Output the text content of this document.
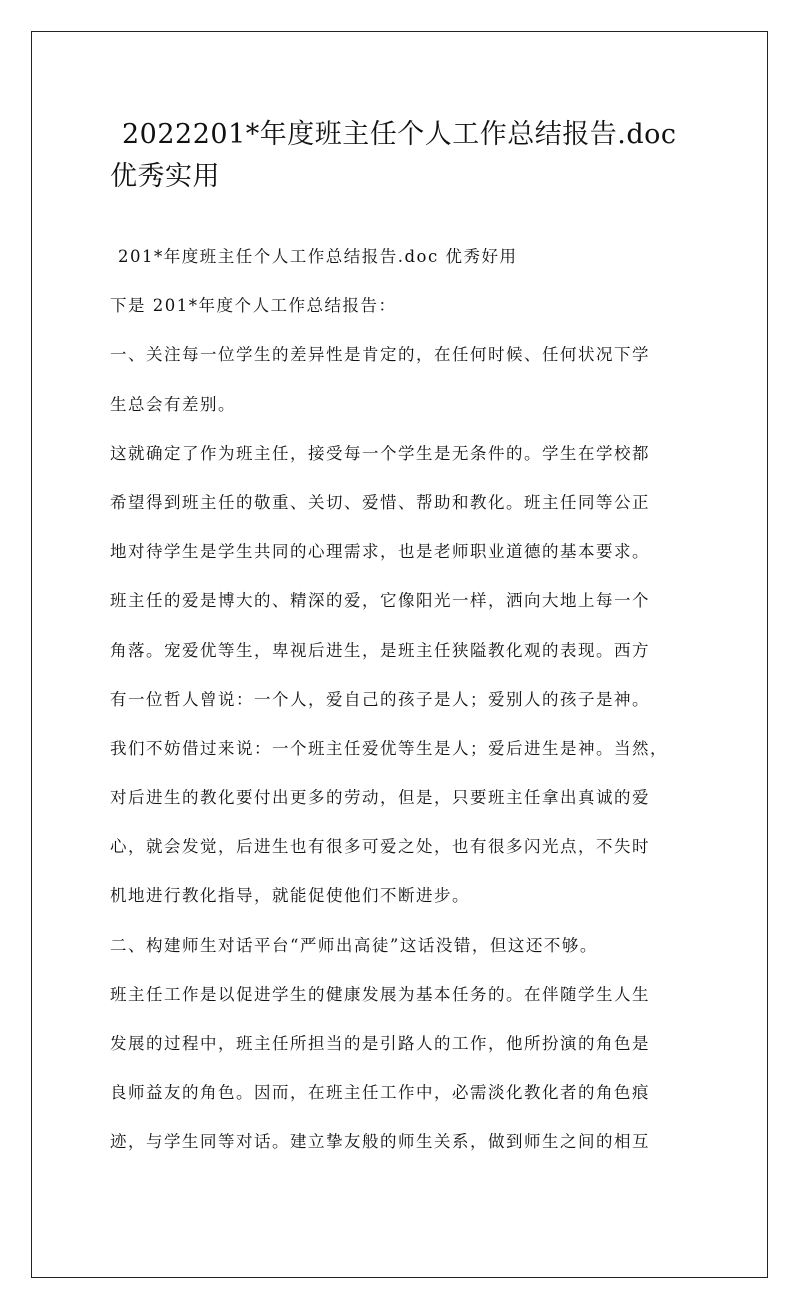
2022201*年度班主任个人工作总结报告.doc
优秀实用
201*年度班主任个人工作总结报告.doc 优秀好用
下是 201*年度个人工作总结报告：
一、关注每一位学生的差异性是肯定的，在任何时候、任何状况下学
生总会有差别。
这就确定了作为班主任，接受每一个学生是无条件的。学生在学校都
希望得到班主任的敬重、关切、爱惜、帮助和教化。班主任同等公正
地对待学生是学生共同的心理需求，也是老师职业道德的基本要求。
班主任的爱是博大的、精深的爱，它像阳光一样，洒向大地上每一个
角落。宠爱优等生，卑视后进生，是班主任狭隘教化观的表现。西方
有一位哲人曾说：一个人，爱自己的孩子是人；爱别人的孩子是神。
我们不妨借过来说：一个班主任爱优等生是人；爱后进生是神。当然，
对后进生的教化要付出更多的劳动，但是，只要班主任拿出真诚的爱
心，就会发觉，后进生也有很多可爱之处，也有很多闪光点，不失时
机地进行教化指导，就能促使他们不断进步。
二、构建师生对话平台“严师出高徒”这话没错，但这还不够。
班主任工作是以促进学生的健康发展为基本任务的。在伴随学生人生
发展的过程中，班主任所担当的是引路人的工作，他所扮演的角色是
良师益友的角色。因而，在班主任工作中，必需淡化教化者的角色痕
迹，与学生同等对话。建立挚友般的师生关系，做到师生之间的相互
